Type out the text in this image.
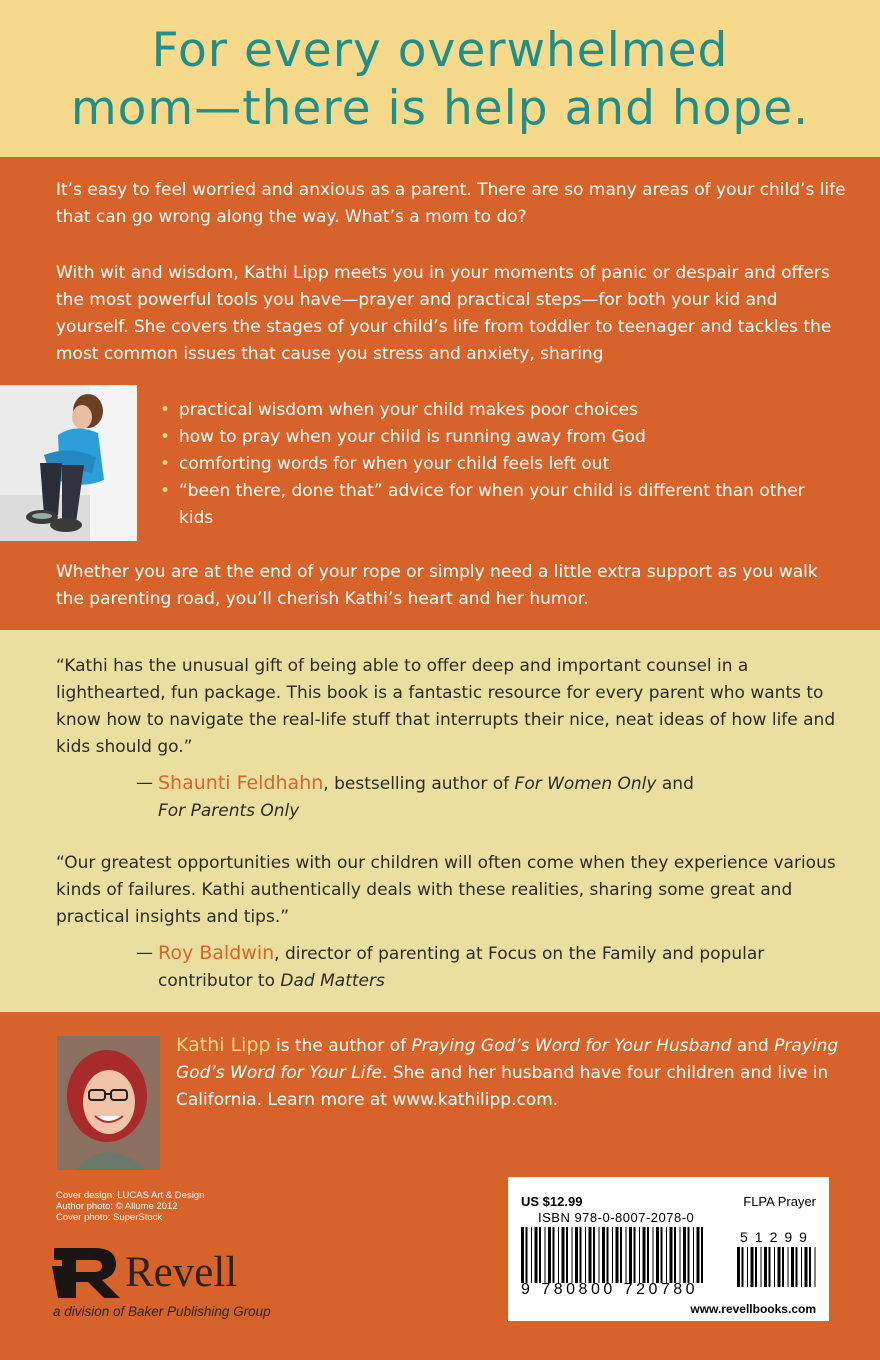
For every overwhelmed
mom—there is help and hope.

It’s easy to feel worried and anxious as a parent. There are so many areas of your child’s life that can go wrong along the way. What’s a mom to do?

With wit and wisdom, Kathi Lipp meets you in your moments of panic or despair and offers the most powerful tools you have—prayer and practical steps—for both your kid and yourself. She covers the stages of your child’s life from toddler to teenager and tackles the most common issues that cause you stress and anxiety, sharing

• practical wisdom when your child makes poor choices
• how to pray when your child is running away from God
• comforting words for when your child feels left out
• “been there, done that” advice for when your child is different than other kids

Whether you are at the end of your rope or simply need a little extra support as you walk the parenting road, you’ll cherish Kathi’s heart and her humor.

“Kathi has the unusual gift of being able to offer deep and important counsel in a lighthearted, fun package. This book is a fantastic resource for every parent who wants to know how to navigate the real-life stuff that interrupts their nice, neat ideas of how life and kids should go.”

— Shaunti Feldhahn, bestselling author of For Women Only and
For Parents Only

“Our greatest opportunities with our children will often come when they experience various kinds of failures. Kathi authentically deals with these realities, sharing some great and practical insights and tips.”

— Roy Baldwin, director of parenting at Focus on the Family and popular contributor to Dad Matters

Kathi Lipp is the author of Praying God’s Word for Your Husband and Praying God’s Word for Your Life. She and her husband have four children and live in California. Learn more at www.kathilipp.com.

Cover design: LUCAS Art & Design
Author photo: © Allume 2012
Cover photo: SuperStock
Revell
a division of Baker Publishing Group
US $12.99	FLPA Prayer
ISBN 978-0-8007-2078-0
9 780800 720780
51299
www.revellbooks.com
